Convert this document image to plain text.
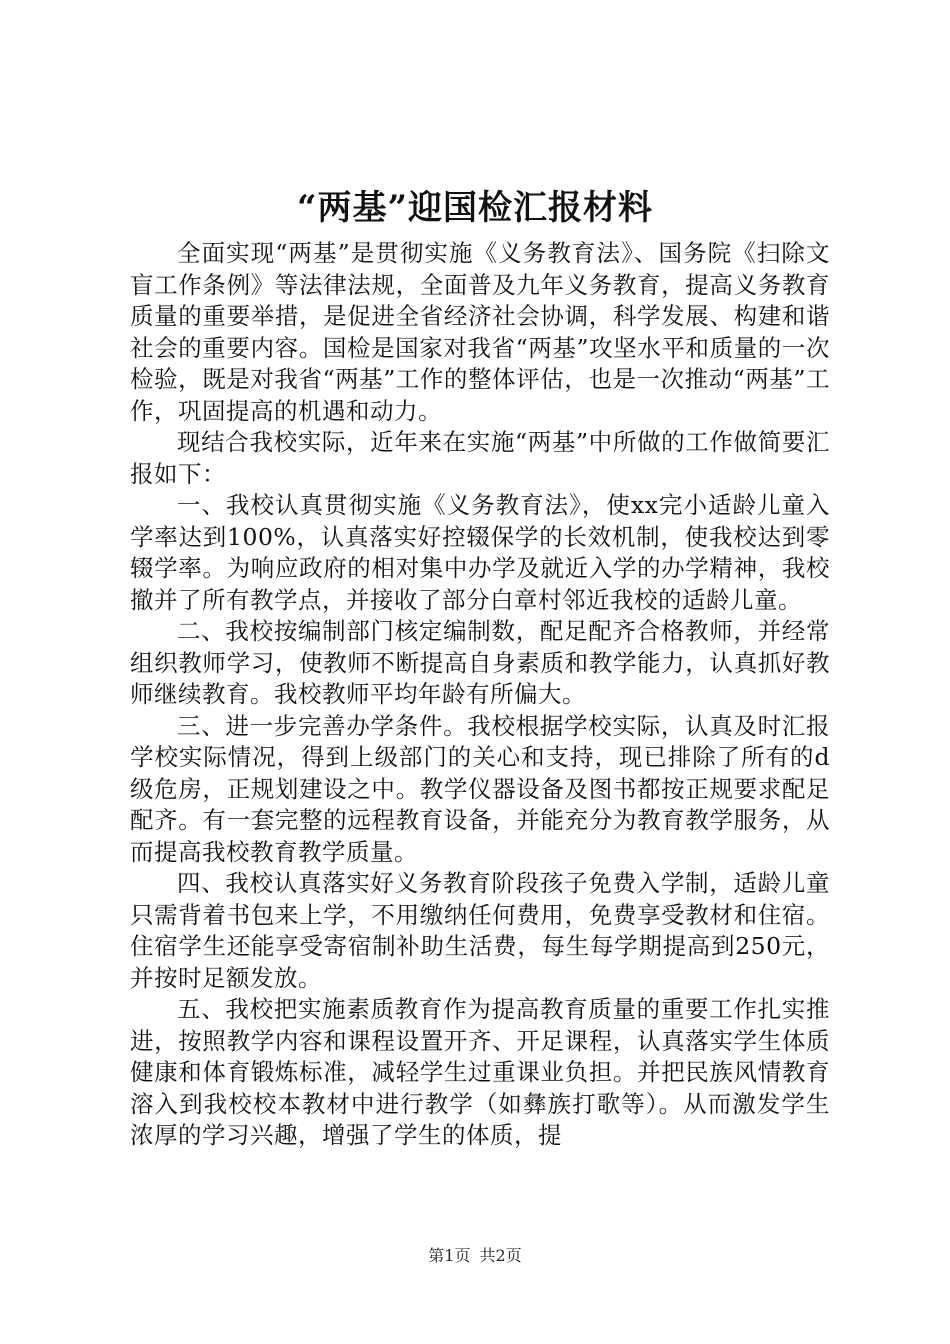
“两基”迎国检汇报材料

全面实现“两基”是贯彻实施《义务教育法》、国务院《扫除文盲工作条例》等法律法规，全面普及九年义务教育，提高义务教育质量的重要举措，是促进全省经济社会协调，科学发展、构建和谐社会的重要内容。国检是国家对我省“两基”攻坚水平和质量的一次检验，既是对我省“两基”工作的整体评估，也是一次推动“两基”工作，巩固提高的机遇和动力。

现结合我校实际，近年来在实施“两基”中所做的工作做简要汇报如下：

一、我校认真贯彻实施《义务教育法》，使xx完小适龄儿童入学率达到100%，认真落实好控辍保学的长效机制，使我校达到零辍学率。为响应政府的相对集中办学及就近入学的办学精神，我校撤并了所有教学点，并接收了部分白章村邻近我校的适龄儿童。

二、我校按编制部门核定编制数，配足配齐合格教师，并经常组织教师学习，使教师不断提高自身素质和教学能力，认真抓好教师继续教育。我校教师平均年龄有所偏大。

三、进一步完善办学条件。我校根据学校实际，认真及时汇报学校实际情况，得到上级部门的关心和支持，现已排除了所有的d级危房，正规划建设之中。教学仪器设备及图书都按正规要求配足配齐。有一套完整的远程教育设备，并能充分为教育教学服务，从而提高我校教育教学质量。

四、我校认真落实好义务教育阶段孩子免费入学制，适龄儿童只需背着书包来上学，不用缴纳任何费用，免费享受教材和住宿。住宿学生还能享受寄宿制补助生活费，每生每学期提高到250元，并按时足额发放。

五、我校把实施素质教育作为提高教育质量的重要工作扎实推进，按照教学内容和课程设置开齐、开足课程，认真落实学生体质健康和体育锻炼标准，减轻学生过重课业负担。并把民族风情教育溶入到我校校本教材中进行教学（如彝族打歌等）。从而激发学生浓厚的学习兴趣，增强了学生的体质，提

第1页 共2页
